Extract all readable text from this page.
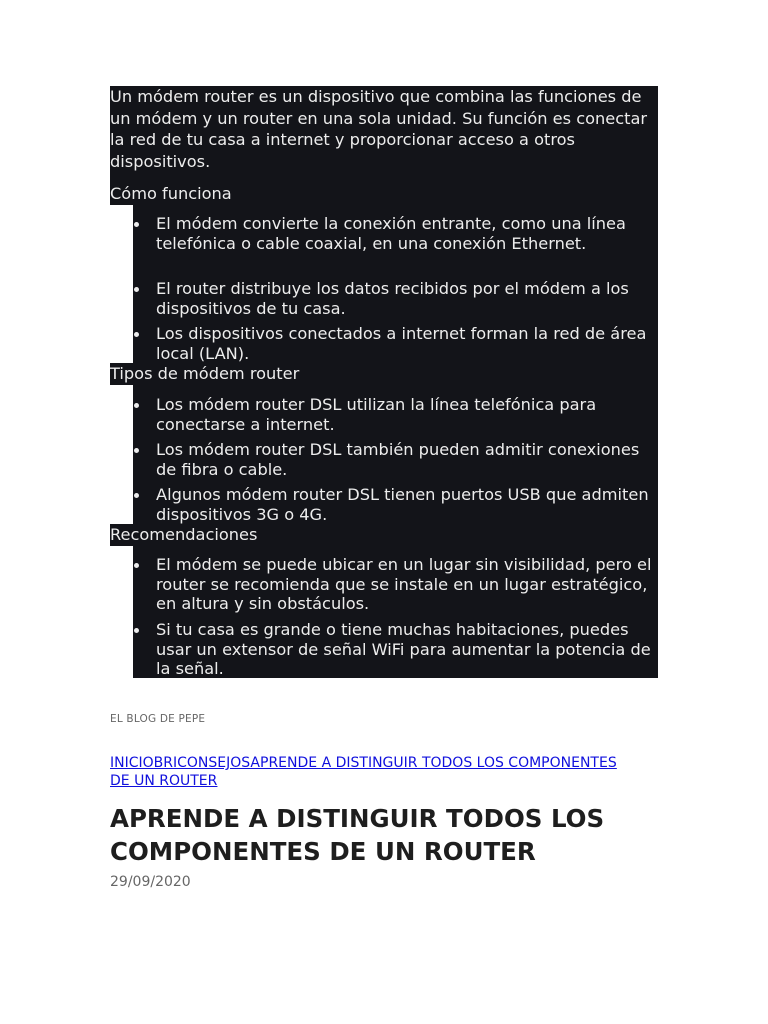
Un módem router es un dispositivo que combina las funciones de un módem y un router en una sola unidad. Su función es conectar la red de tu casa a internet y proporcionar acceso a otros dispositivos.

Cómo funciona

El módem convierte la conexión entrante, como una línea telefónica o cable coaxial, en una conexión Ethernet.
El router distribuye los datos recibidos por el módem a los dispositivos de tu casa.
Los dispositivos conectados a internet forman la red de área local (LAN).

Tipos de módem router

Los módem router DSL utilizan la línea telefónica para conectarse a internet.
Los módem router DSL también pueden admitir conexiones de fibra o cable.
Algunos módem router DSL tienen puertos USB que admiten dispositivos 3G o 4G.

Recomendaciones

El módem se puede ubicar en un lugar sin visibilidad, pero el router se recomienda que se instale en un lugar estratégico, en altura y sin obstáculos.
Si tu casa es grande o tiene muchas habitaciones, puedes usar un extensor de señal WiFi para aumentar la potencia de la señal.
EL BLOG DE PEPE
INICIOBRICONSEJOSAPRENDE A DISTINGUIR TODOS LOS COMPONENTES DE UN ROUTER
APRENDE A DISTINGUIR TODOS LOS COMPONENTES DE UN ROUTER
29/09/2020
